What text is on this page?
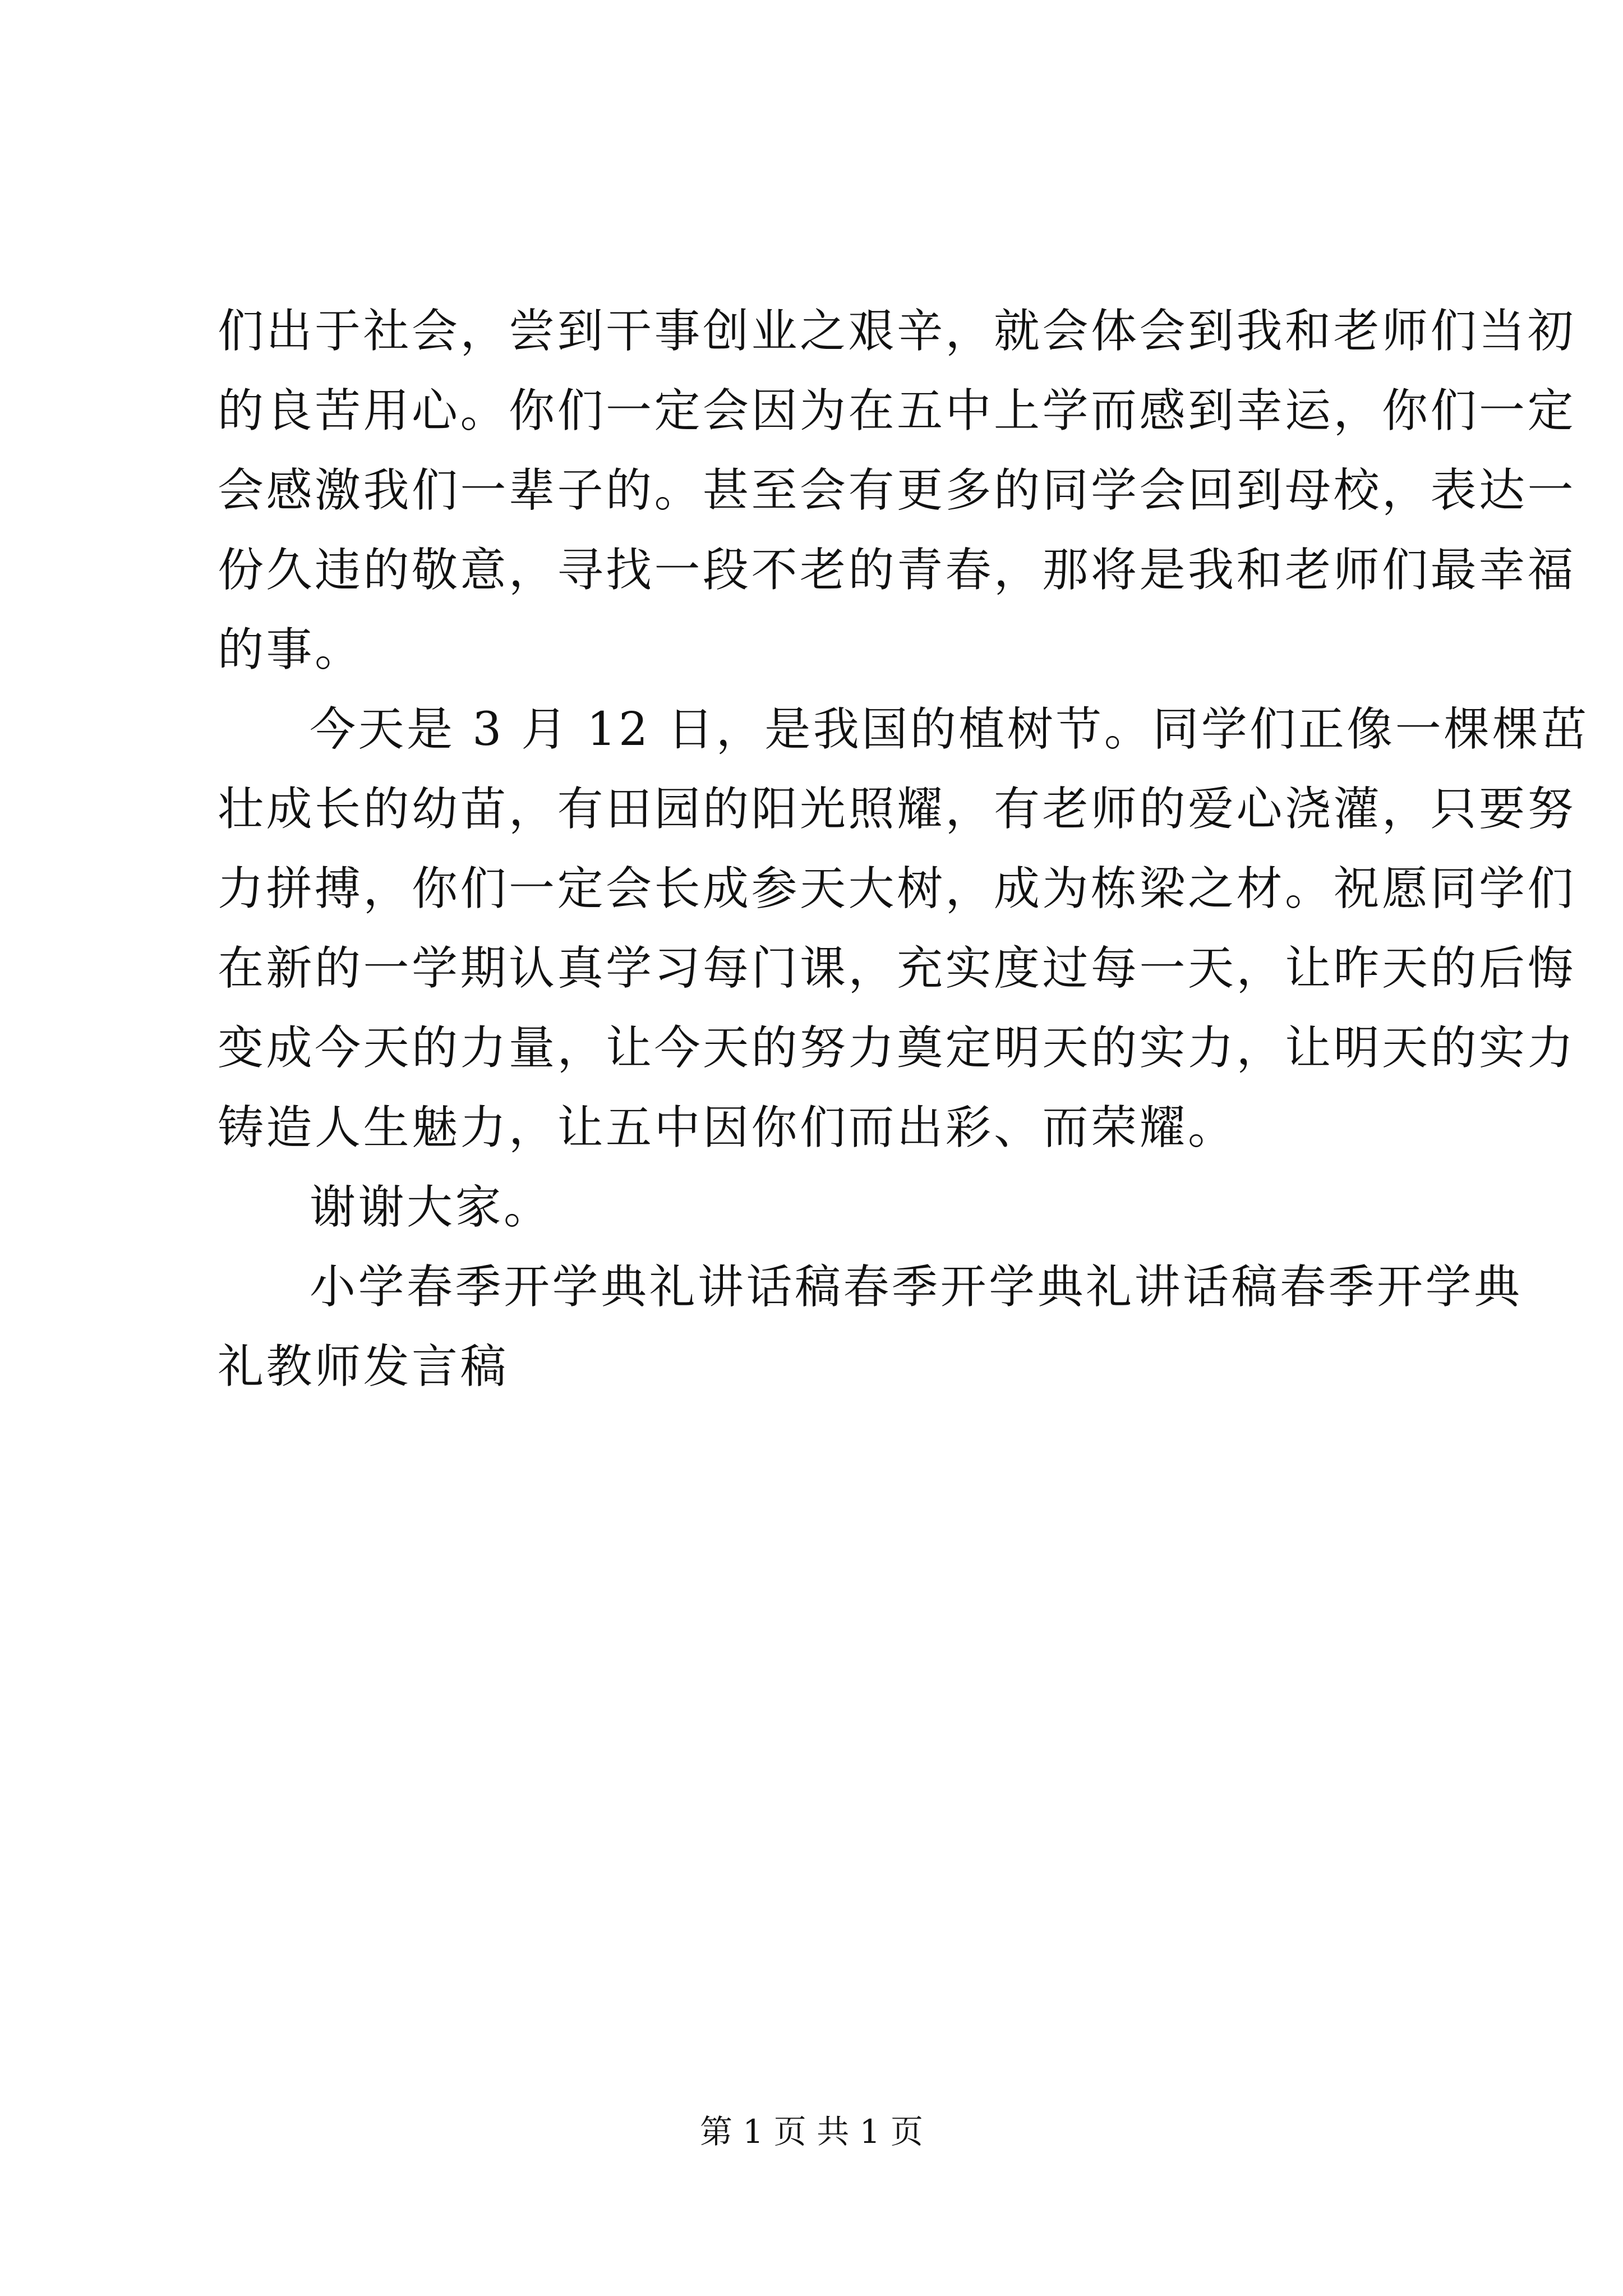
们出于社会，尝到干事创业之艰辛，就会体会到我和老师们当初
的良苦用心。你们一定会因为在五中上学而感到幸运，你们一定
会感激我们一辈子的。甚至会有更多的同学会回到母校，表达一
份久违的敬意，寻找一段不老的青春，那将是我和老师们最幸福
的事。
今天是 3 月 12 日，是我国的植树节。同学们正像一棵棵茁
壮成长的幼苗，有田园的阳光照耀，有老师的爱心浇灌，只要努
力拼搏，你们一定会长成参天大树，成为栋梁之材。祝愿同学们
在新的一学期认真学习每门课，充实度过每一天，让昨天的后悔
变成今天的力量，让今天的努力奠定明天的实力，让明天的实力
铸造人生魅力，让五中因你们而出彩、而荣耀。
谢谢大家。
小学春季开学典礼讲话稿春季开学典礼讲话稿春季开学典
礼教师发言稿
第 1 页 共 1 页
